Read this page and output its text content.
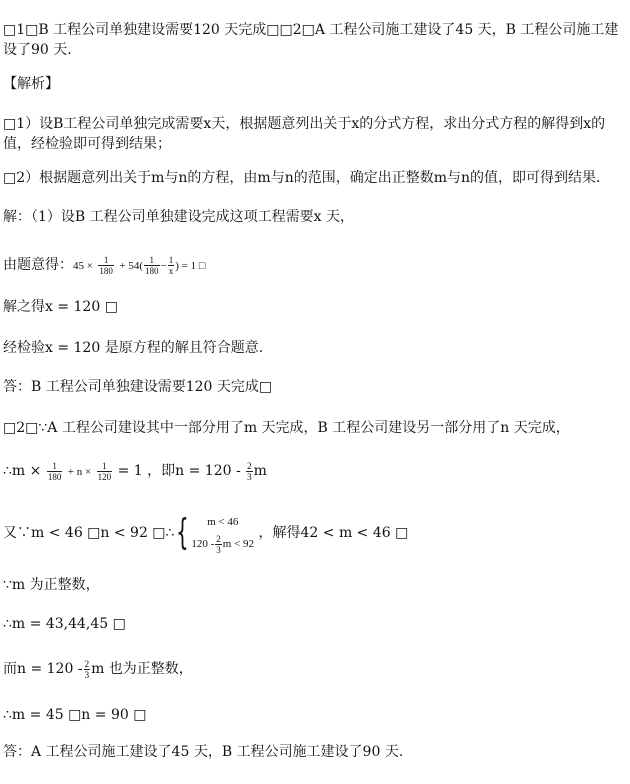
□1□B 工程公司单独建设需要120 天完成□□2□A 工程公司施工建设了45 天，B 工程公司施工建设了90 天.
【解析】
□1）设B工程公司单独完成需要x天，根据题意列出关于x的分式方程，求出分式方程的解得到x的值，经检验即可得到结果；
□2）根据题意列出关于m与n的方程，由m与n的范围，确定出正整数m与n的值，即可得到结果．
解：（1）设B 工程公司单独建设完成这项工程需要x 天，
由题意得：$45 \times \frac{1}{180} + 54( \frac{1}{180} - \frac{1}{x}$ ) = 1 □
解之得x = 120 □
经检验x = 120 是原方程的解且符合题意.
答：B 工程公司单独建设需要120 天完成□
□2□∵A 工程公司建设其中一部分用了m 天完成，B 工程公司建设另一部分用了n 天完成，
∴m × $\frac{1}{180} + n \times \frac{1}{120} = 1$ ，即$n = 120 - \frac{2}{3}$ m
又∵m < 46 □n < 92 □∴{	m < 46
$120 - \frac{2}{3}$ m < 92
，解得42 < m < 46 □
∵m 为正整数，
∴m = 43,44,45 □
而$n = 120 - \frac{2}{3}$ m 也为正整数，
∴m = 45 □n = 90 □
答：A 工程公司施工建设了45 天，B 工程公司施工建设了90 天.
